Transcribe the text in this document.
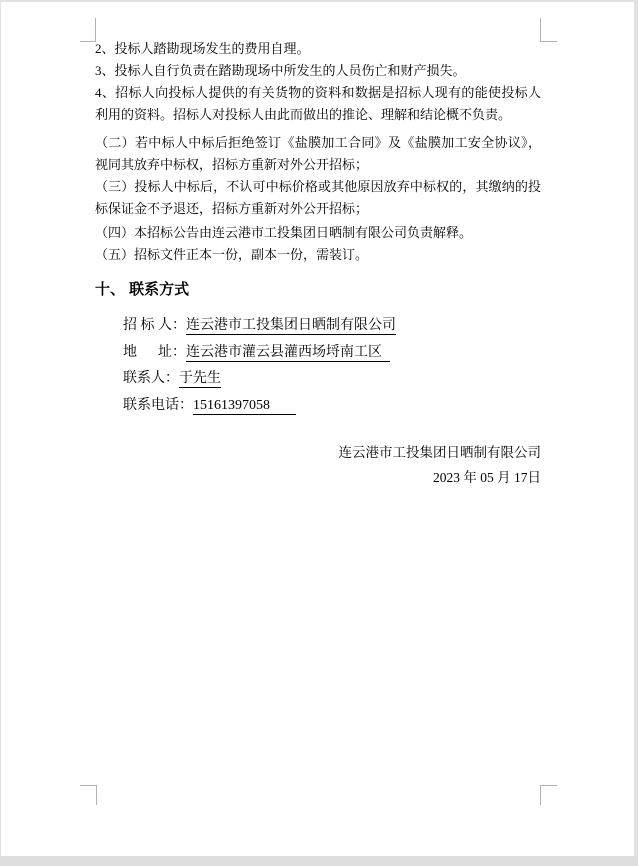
2、投标人踏勘现场发生的费用自理。

3、投标人自行负责在踏勘现场中所发生的人员伤亡和财产损失。

4、招标人向投标人提供的有关货物的资料和数据是招标人现有的能使投标人利用的资料。招标人对投标人由此而做出的推论、理解和结论概不负责。

（二）若中标人中标后拒绝签订《盐膜加工合同》及《盐膜加工安全协议》，视同其放弃中标权，招标方重新对外公开招标；

（三）投标人中标后，不认可中标价格或其他原因放弃中标权的，其缴纳的投标保证金不予退还，招标方重新对外公开招标；

（四）本招标公告由连云港市工投集团日晒制有限公司负责解释。

（五）招标文件正本一份，副本一份，需装订。

十、 联系方式
招 标 人：连云港市工投集团日晒制有限公司
地      址：连云港市灌云县灌西场埒南工区
联系人：于先生
联系电话：15161397058
连云港市工投集团日晒制有限公司
2023 年 05 月 17日
